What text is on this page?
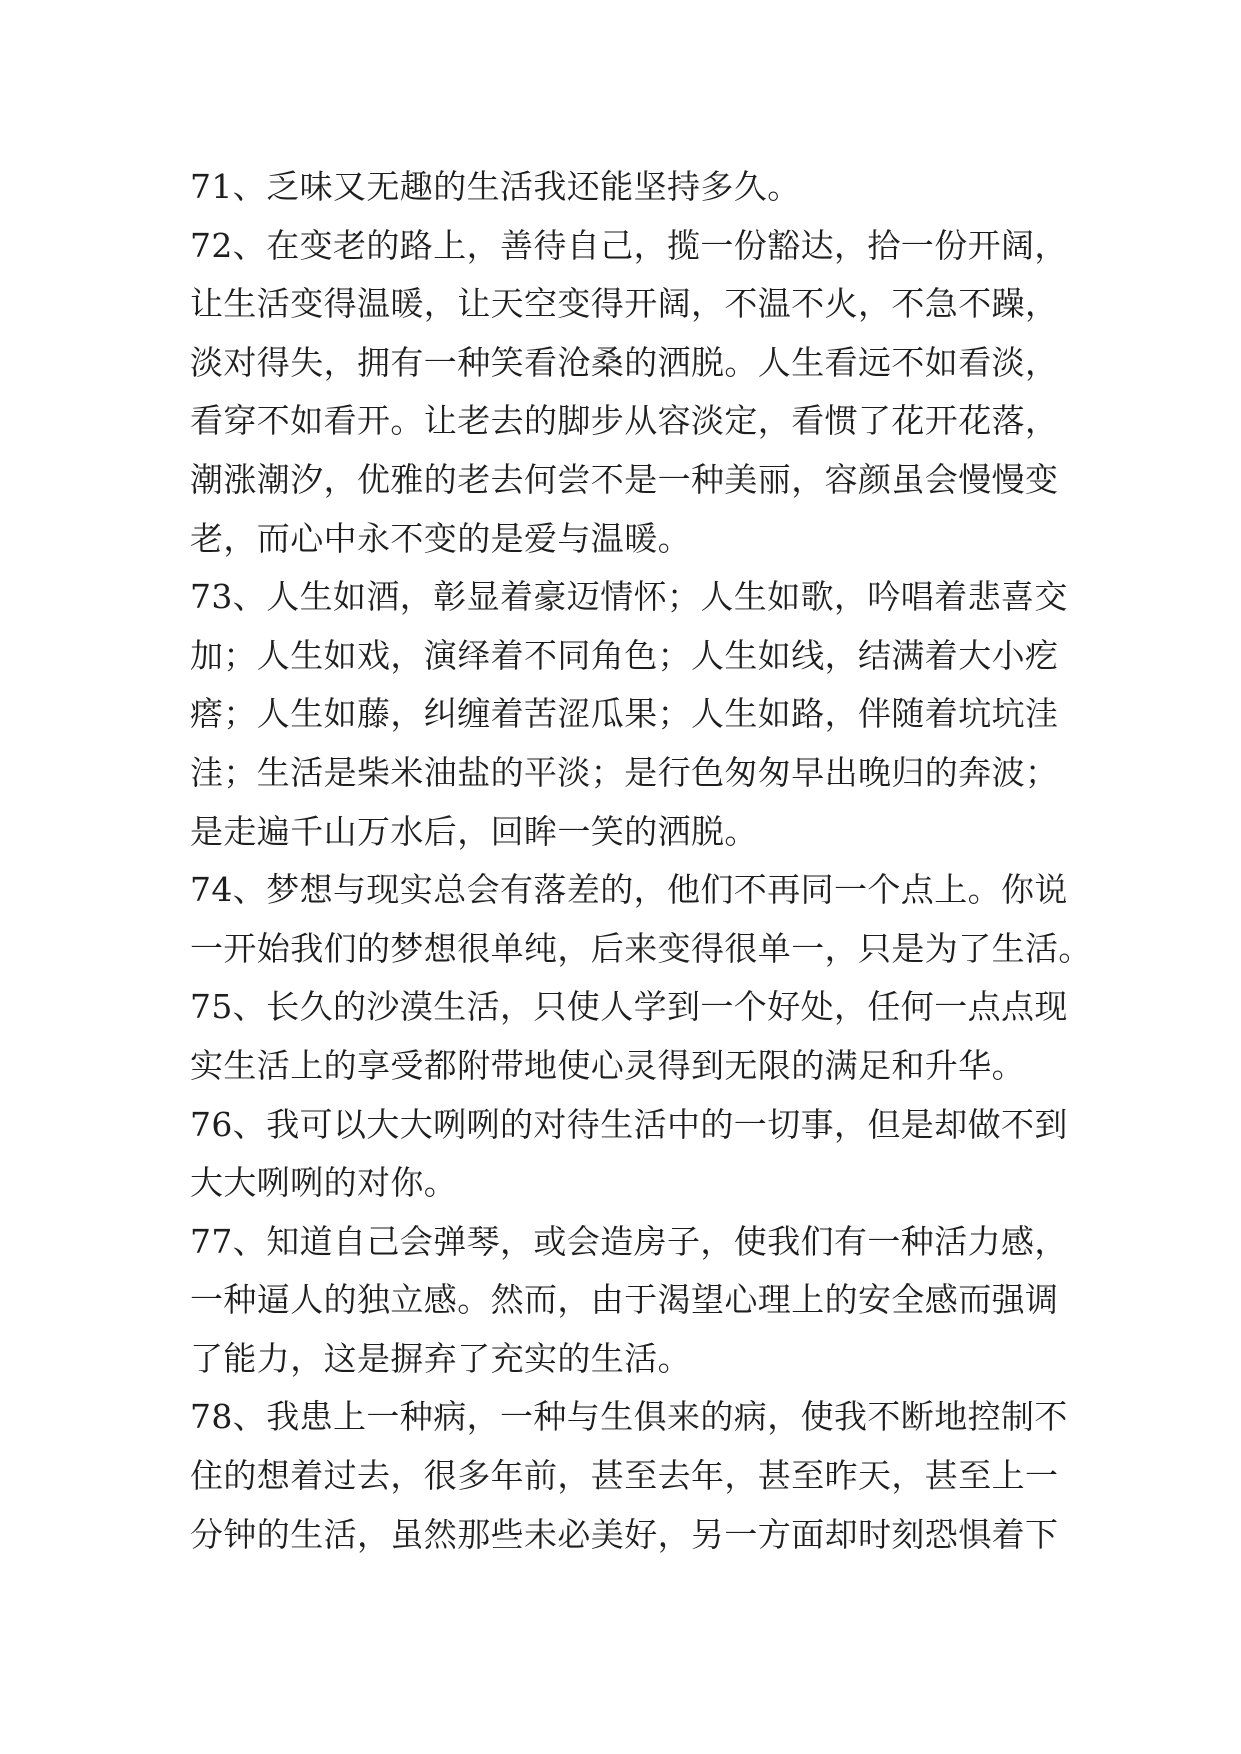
71、乏味又无趣的生活我还能坚持多久。

72、在变老的路上，善待自己，揽一份豁达，拾一份开阔，

让生活变得温暖，让天空变得开阔，不温不火，不急不躁，

淡对得失，拥有一种笑看沧桑的洒脱。人生看远不如看淡，

看穿不如看开。让老去的脚步从容淡定，看惯了花开花落，

潮涨潮汐，优雅的老去何尝不是一种美丽，容颜虽会慢慢变

老，而心中永不变的是爱与温暖。

73、人生如酒，彰显着豪迈情怀；人生如歌，吟唱着悲喜交

加；人生如戏，演绎着不同角色；人生如线，结满着大小疙

瘩；人生如藤，纠缠着苦涩瓜果；人生如路，伴随着坑坑洼

洼；生活是柴米油盐的平淡；是行色匆匆早出晚归的奔波；

是走遍千山万水后，回眸一笑的洒脱。

74、梦想与现实总会有落差的，他们不再同一个点上。你说

一开始我们的梦想很单纯，后来变得很单一，只是为了生活。

75、长久的沙漠生活，只使人学到一个好处，任何一点点现

实生活上的享受都附带地使心灵得到无限的满足和升华。

76、我可以大大咧咧的对待生活中的一切事，但是却做不到

大大咧咧的对你。

77、知道自己会弹琴，或会造房子，使我们有一种活力感，

一种逼人的独立感。然而，由于渴望心理上的安全感而强调

了能力，这是摒弃了充实的生活。

78、我患上一种病，一种与生俱来的病，使我不断地控制不

住的想着过去，很多年前，甚至去年，甚至昨天，甚至上一

分钟的生活，虽然那些未必美好，另一方面却时刻恐惧着下
